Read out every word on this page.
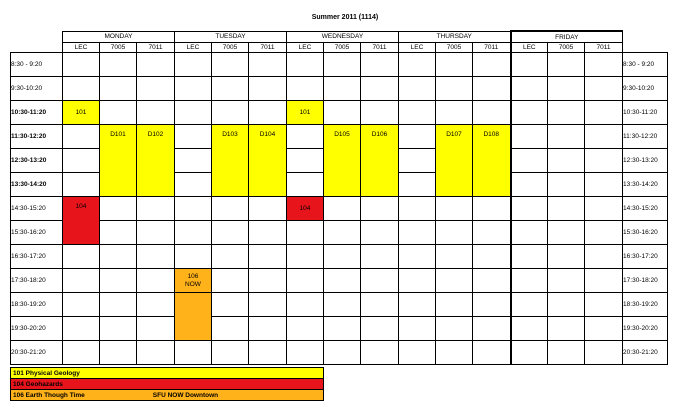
Summer 2011 (1114)
	MONDAY			TUESDAY			WEDNESDAY			THURSDAY			FRIDAY			
	LEC	7005	7011	LEC	7005	7011	LEC	7005	7011	LEC	7005	7011	LEC	7005	7011	
8:30 - 9:20																8:30 - 9:20
9:30-10:20																9:30-10:20
10:30-11:20	101						101									10:30-11:20
11:30-12:20		D101	D102		D103	D104		D105	D106		D107	D108				11:30-12:20
12:30-13:20																12:30-13:20
13:30-14:20																13:30-14:20
14:30-15:20	104						104									14:30-15:20
15:30-16:20																15:30-16:20
16:30-17:20																16:30-17:20
17:30-18:20				106
NOW												17:30-18:20
18:30-19:20																18:30-19:20
19:30-20:20																19:30-20:20
20:30-21:20																20:30-21:20
101 Physical Geology
104 Geohazards
106 Earth Though Time	SFU NOW Downtown
